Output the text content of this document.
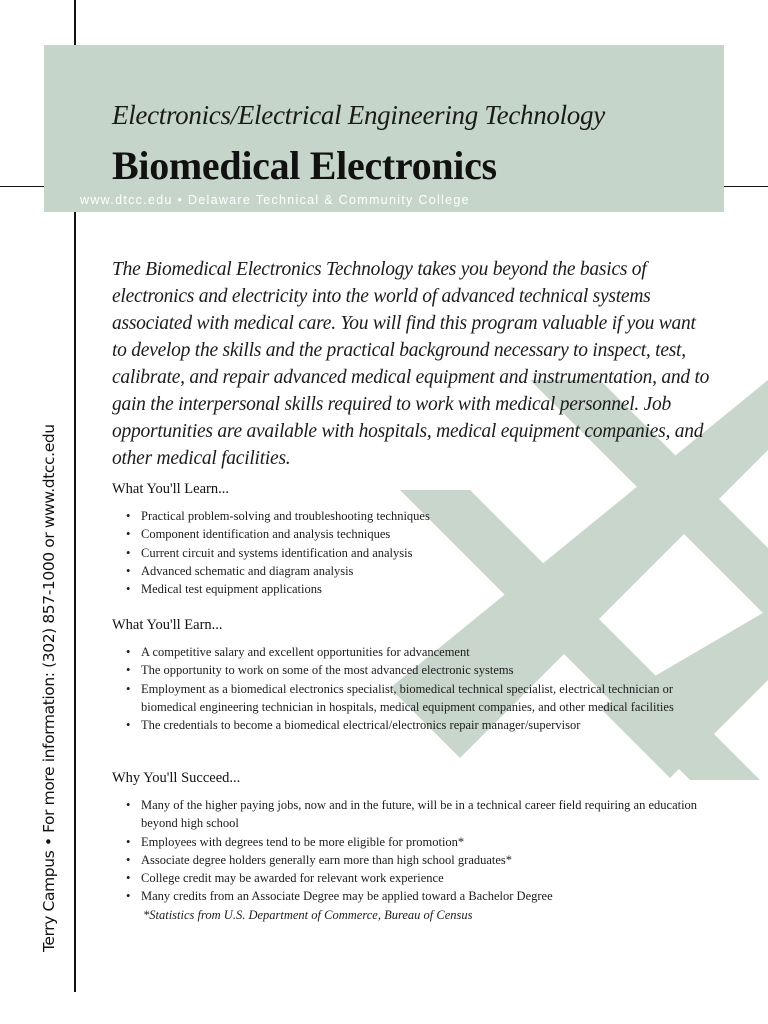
Electronics/Electrical Engineering Technology
Biomedical Electronics
www.dtcc.edu • Delaware Technical & Community College
Terry Campus • For more information: (302) 857-1000 or www.dtcc.edu

The Biomedical Electronics Technology takes you beyond the basics of electronics and electricity into the world of advanced technical systems associated with medical care. You will find this program valuable if you want to develop the skills and the practical background necessary to inspect, test, calibrate, and repair advanced medical equipment and instrumentation, and to gain the interpersonal skills required to work with medical personnel. Job opportunities are available with hospitals, medical equipment companies, and other medical facilities.

What You'll Learn...
• Practical problem-solving and troubleshooting techniques
• Component identification and analysis techniques
• Current circuit and systems identification and analysis
• Advanced schematic and diagram analysis
• Medical test equipment applications
What You'll Earn...
• A competitive salary and excellent opportunities for advancement
• The opportunity to work on some of the most advanced electronic systems
• Employment as a biomedical electronics specialist, biomedical technical specialist, electrical technician or biomedical engineering technician in hospitals, medical equipment companies, and other medical facilities
• The credentials to become a biomedical electrical/electronics repair manager/supervisor
Why You'll Succeed...
• Many of the higher paying jobs, now and in the future, will be in a technical career field requiring an education beyond high school
• Employees with degrees tend to be more eligible for promotion*
• Associate degree holders generally earn more than high school graduates*
• College credit may be awarded for relevant work experience
• Many credits from an Associate Degree may be applied toward a Bachelor Degree
*Statistics from U.S. Department of Commerce, Bureau of Census
